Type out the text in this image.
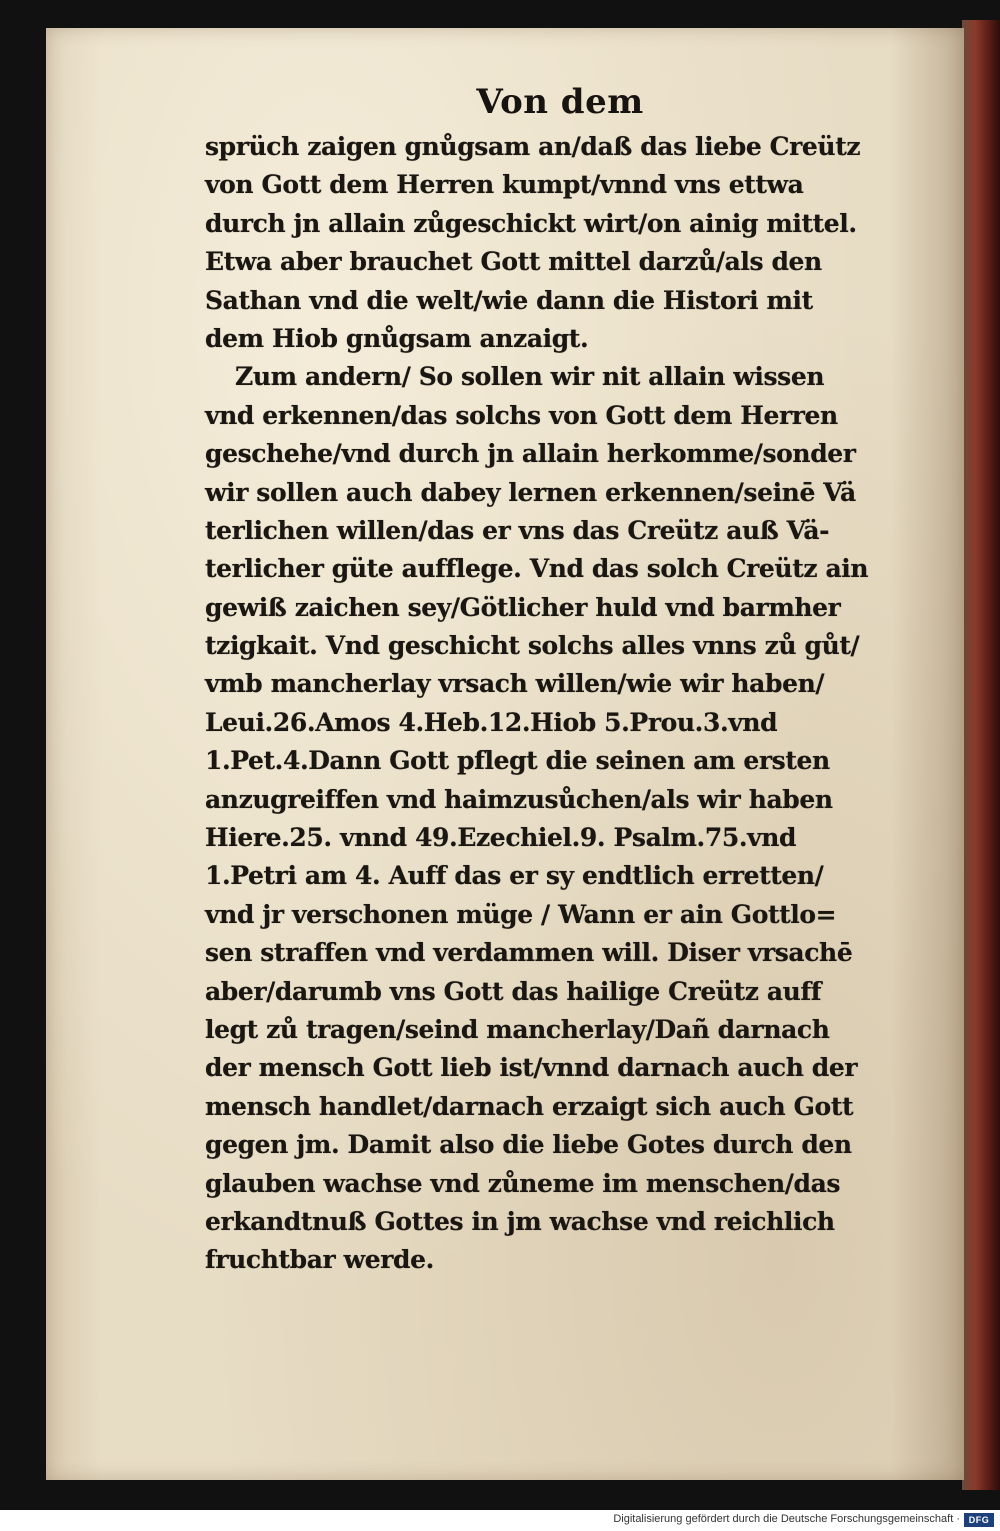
Von dem
sprüch zaigen gnůgsam an/daß das liebe Creütz
von Gott dem Herren kumpt/vnnd vns ettwa
durch jn allain zůgeschickt wirt/on ainig mittel.
Etwa aber brauchet Gott mittel darzů/als den
Sathan vnd die welt/wie dann die Histori mit
dem Hiob gnůgsam anzaigt.
Zum andern/ So sollen wir nit allain wissen
vnd erkennen/das solchs von Gott dem Herren
geschehe/vnd durch jn allain herkomme/sonder
wir sollen auch dabey lernen erkennen/seinē Vä
terlichen willen/das er vns das Creütz auß Vä-
terlicher güte aufflege. Vnd das solch Creütz ain
gewiß zaichen sey/Götlicher huld vnd barmher
tzigkait. Vnd geschicht solchs alles vnns zů gůt/
vmb mancherlay vrsach willen/wie wir haben/
Leui.26.Amos 4.Heb.12.Hiob 5.Prou.3.vnd
1.Pet.4.Dann Gott pflegt die seinen am ersten
anzugreiffen vnd haimzusůchen/als wir haben
Hiere.25. vnnd 49.Ezechiel.9. Psalm.75.vnd
1.Petri am 4. Auff das er sy endtlich erretten/
vnd jr verschonen müge / Wann er ain Gottlo=
sen straffen vnd verdammen will. Diser vrsachē
aber/darumb vns Gott das hailige Creütz auff
legt zů tragen/seind mancherlay/Dañ darnach
der mensch Gott lieb ist/vnnd darnach auch der
mensch handlet/darnach erzaigt sich auch Gott
gegen jm. Damit also die liebe Gotes durch den
glauben wachse vnd zůneme im menschen/das
erkandtnuß Gottes in jm wachse vnd reichlich
fruchtbar werde.
Digitalisierung gefördert durch die Deutsche Forschungsgemeinschaft · DFG
